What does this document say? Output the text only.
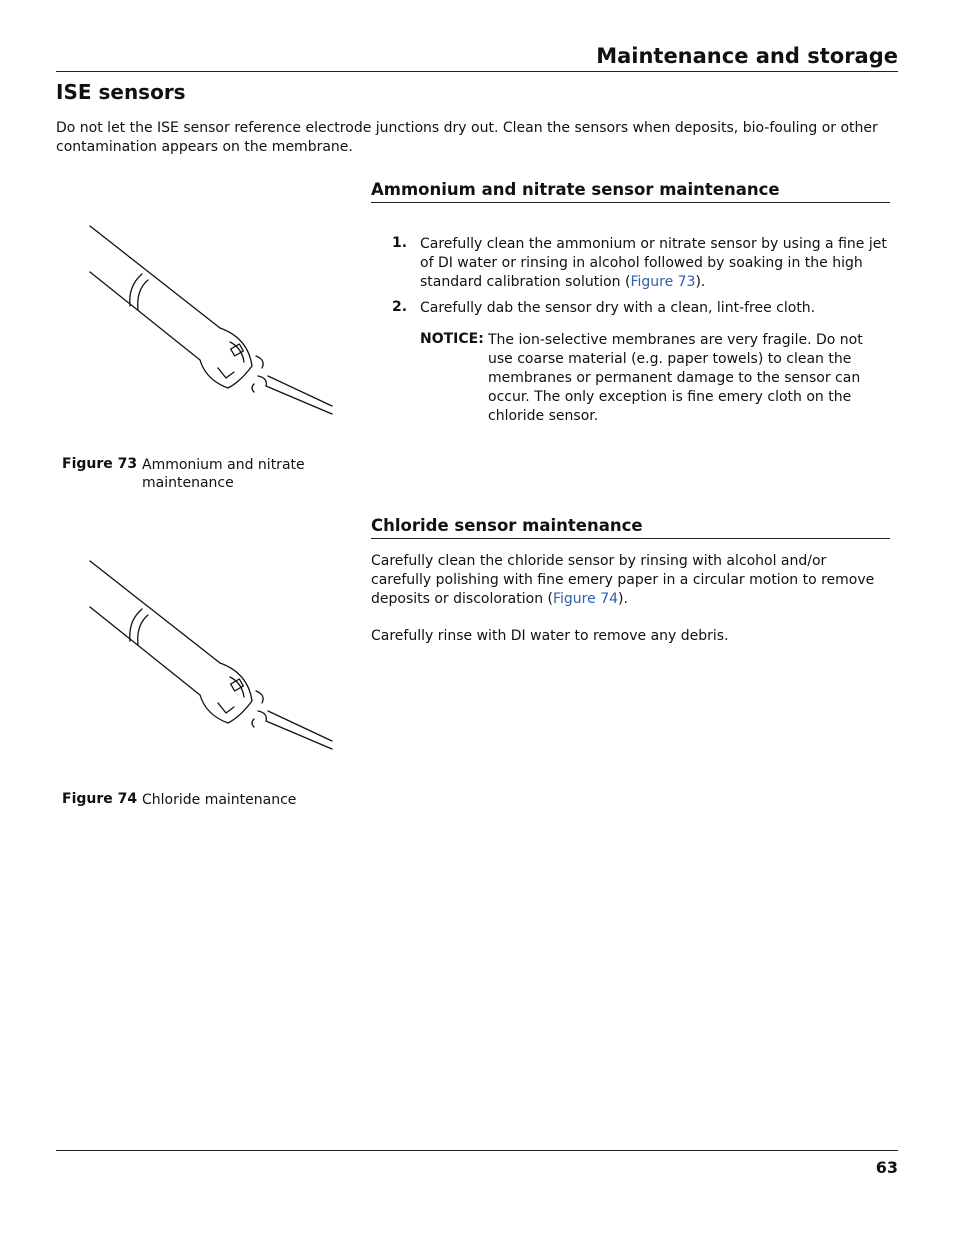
Maintenance and storage
ISE sensors
Do not let the ISE sensor reference electrode junctions dry out. Clean the sensors when deposits, bio-fouling or other contamination appears on the membrane.
Ammonium and nitrate sensor maintenance
1. Carefully clean the ammonium or nitrate sensor by using a fine jet of DI water or rinsing in alcohol followed by soaking in the high standard calibration solution (Figure 73).
2. Carefully dab the sensor dry with a clean, lint-free cloth.
NOTICE: The ion-selective membranes are very fragile. Do not use coarse material (e.g. paper towels) to clean the membranes or permanent damage to the sensor can occur. The only exception is fine emery cloth on the chloride sensor.
Figure 73 Ammonium and nitrate maintenance
Chloride sensor maintenance
Carefully clean the chloride sensor by rinsing with alcohol and/or carefully polishing with fine emery paper in a circular motion to remove deposits or discoloration (Figure 74).
Carefully rinse with DI water to remove any debris.
Figure 74 Chloride maintenance
63
